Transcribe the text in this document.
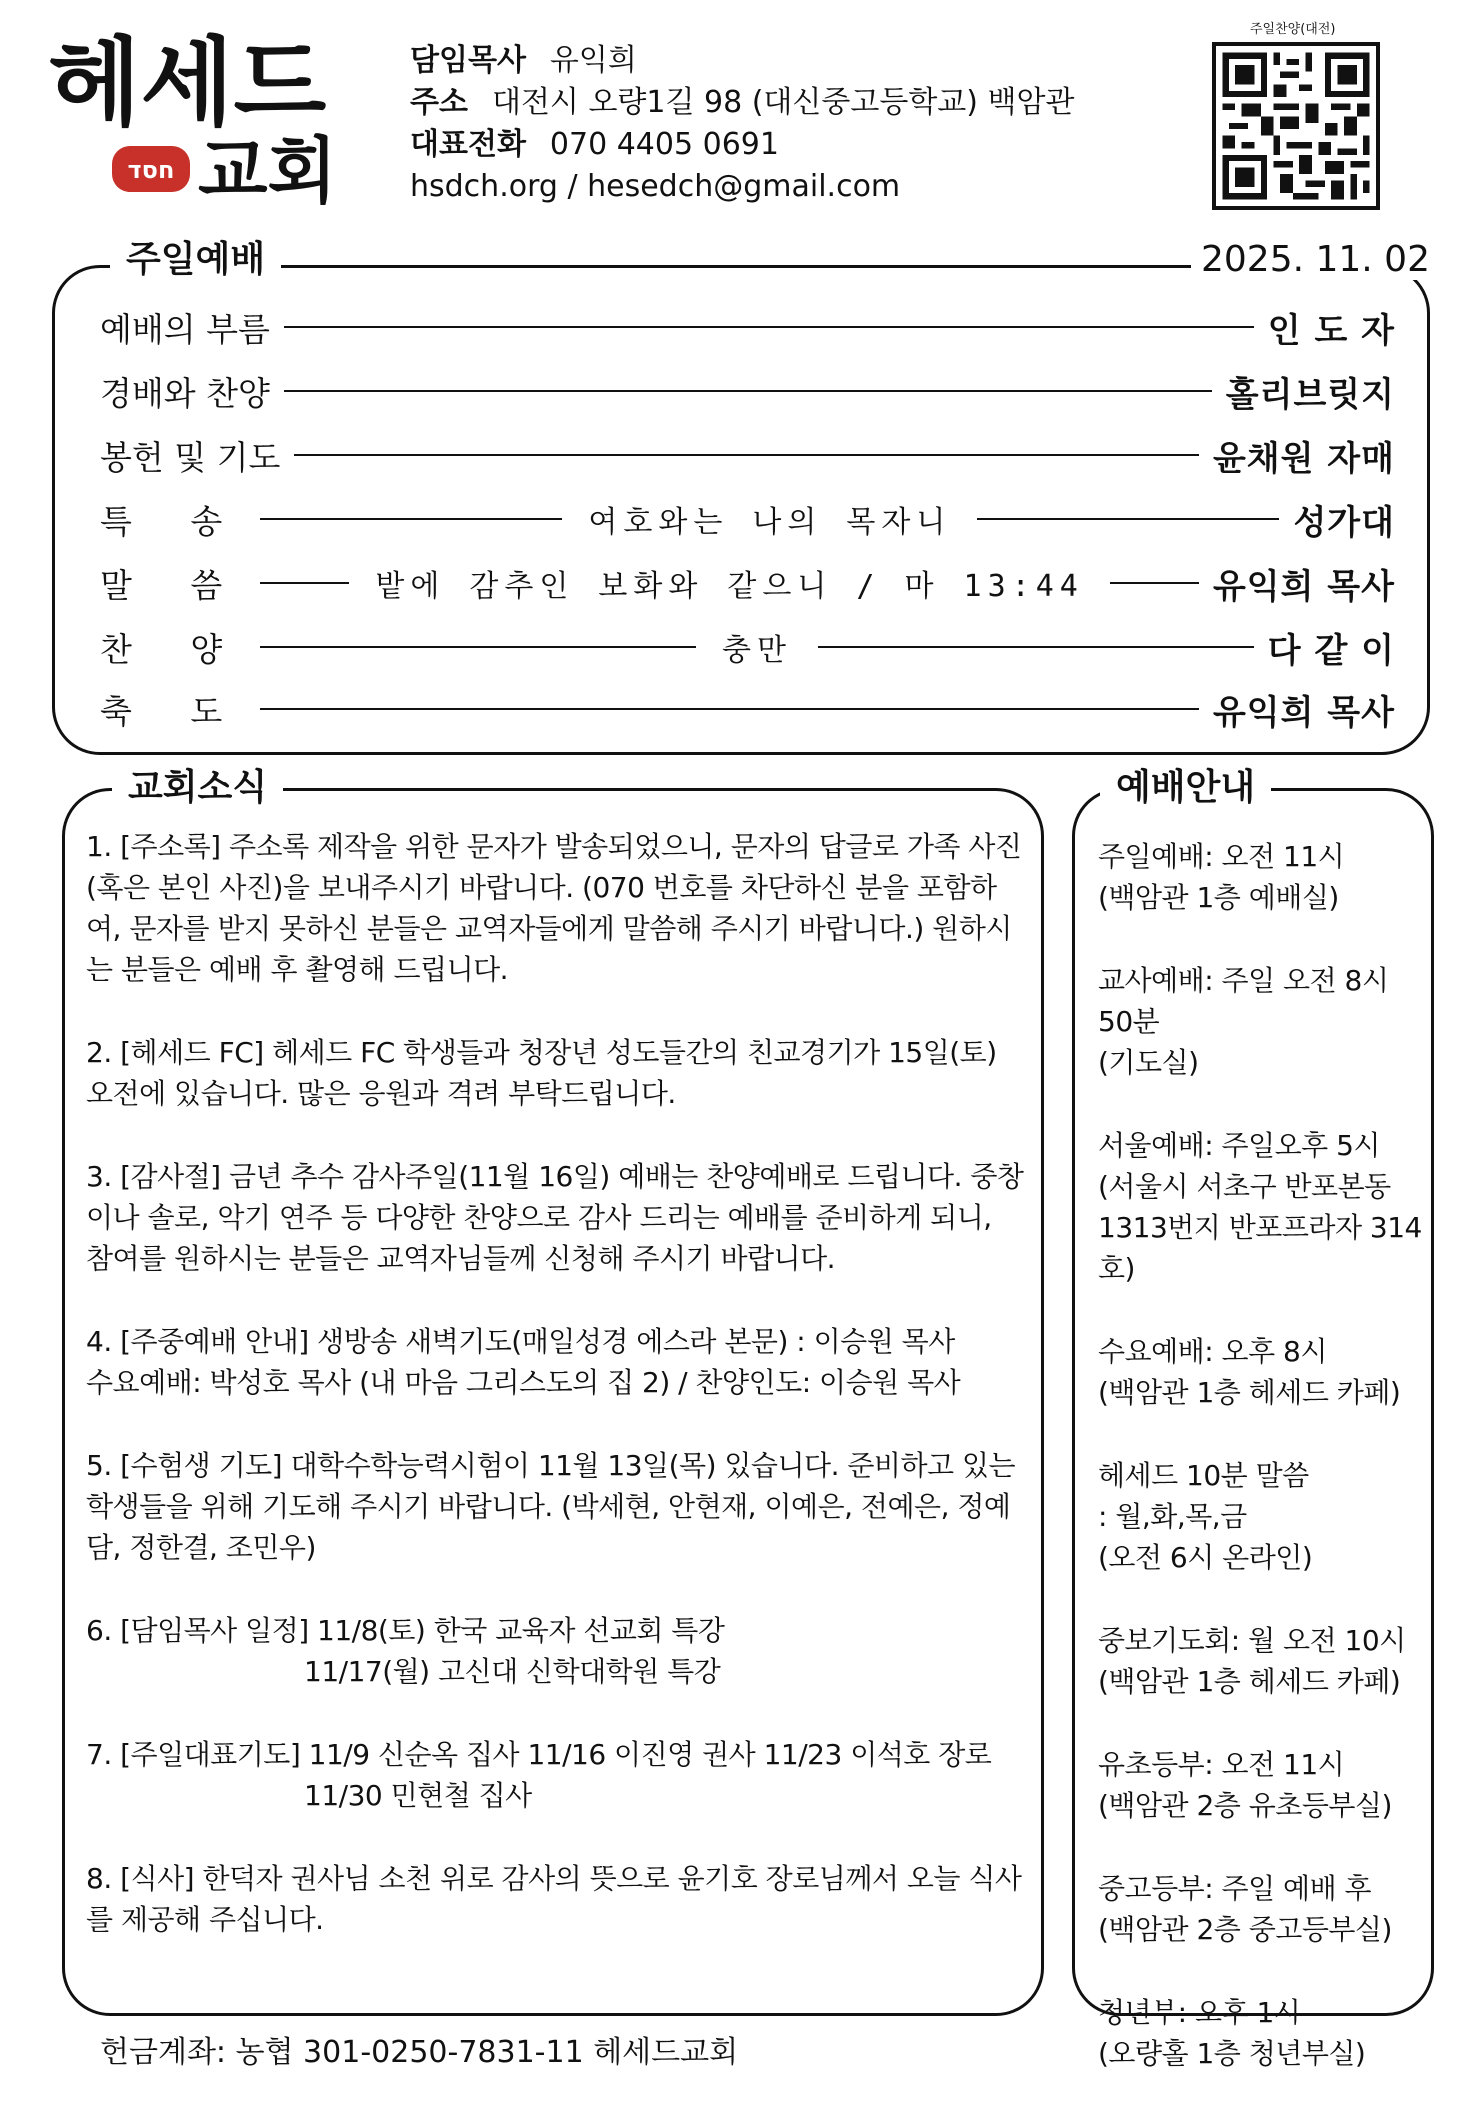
헤세드
חסד 교회
담임목사 유익희
주소 대전시 오량1길 98 (대신중고등학교) 백암관
대표전화 070 4405 0691
hsdch.org / hesedch@gmail.com
주일찬양(대전)
주일예배	2025. 11. 02
예배의 부름	인 도 자
경배와 찬양	홀리브릿지
봉헌 및 기도	윤채원 자매
특 송	여호와는 나의 목자니	성가대
말 씀	밭에 감추인 보화와 같으니 / 마 13:44	유익희 목사
찬 양	충만	다 같 이
축 도	유익희 목사
교회소식
1. [주소록] 주소록 제작을 위한 문자가 발송되었으니, 문자의 답글로 가족 사진(혹은 본인 사진)을 보내주시기 바랍니다. (070 번호를 차단하신 분을 포함하여, 문자를 받지 못하신 분들은 교역자들에게 말씀해 주시기 바랍니다.) 원하시는 분들은 예배 후 촬영해 드립니다.
2. [헤세드 FC] 헤세드 FC 학생들과 청장년 성도들간의 친교경기가 15일(토) 오전에 있습니다. 많은 응원과 격려 부탁드립니다.
3. [감사절] 금년 추수 감사주일(11월 16일) 예배는 찬양예배로 드립니다. 중창이나 솔로, 악기 연주 등 다양한 찬양으로 감사 드리는 예배를 준비하게 되니, 참여를 원하시는 분들은 교역자님들께 신청해 주시기 바랍니다.
4. [주중예배 안내] 생방송 새벽기도(매일성경 에스라 본문) : 이승원 목사
수요예배: 박성호 목사 (내 마음 그리스도의 집 2) / 찬양인도: 이승원 목사
5. [수험생 기도] 대학수학능력시험이 11월 13일(목) 있습니다. 준비하고 있는 학생들을 위해 기도해 주시기 바랍니다. (박세현, 안현재, 이예은, 전예은, 정예담, 정한결, 조민우)
6. [담임목사 일정] 11/8(토) 한국 교육자 선교회 특강
11/17(월) 고신대 신학대학원 특강
7. [주일대표기도] 11/9 신순옥 집사 11/16 이진영 권사 11/23 이석호 장로
11/30 민현철 집사
8. [식사] 한덕자 권사님 소천 위로 감사의 뜻으로 윤기호 장로님께서 오늘 식사를 제공해 주십니다.
예배안내
주일예배: 오전 11시
(백암관 1층 예배실)
교사예배: 주일 오전 8시 50분
(기도실)
서울예배: 주일오후 5시
(서울시 서초구 반포본동
1313번지 반포프라자 314호)
수요예배: 오후 8시
(백암관 1층 헤세드 카페)
헤세드 10분 말씀
: 월,화,목,금
(오전 6시 온라인)
중보기도회: 월 오전 10시
(백암관 1층 헤세드 카페)
유초등부: 오전 11시
(백암관 2층 유초등부실)
중고등부: 주일 예배 후
(백암관 2층 중고등부실)
청년부: 오후 1시
(오량홀 1층 청년부실)
헌금계좌: 농협 301-0250-7831-11 헤세드교회
